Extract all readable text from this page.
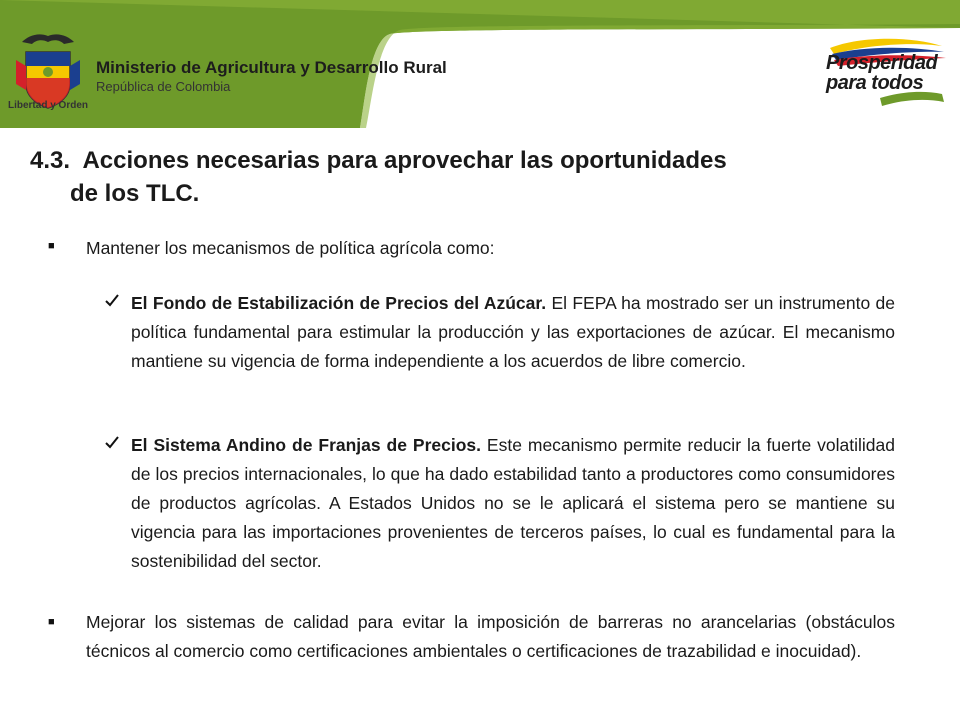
Libertad y Orden
Ministerio de Agricultura y Desarrollo Rural
República de Colombia
Prosperidad
para todos
4.3.  Acciones necesarias para aprovechar las oportunidades
de los TLC.
■ Mantener los mecanismos de política agrícola como:
El Fondo de Estabilización de Precios del Azúcar. El FEPA ha mostrado ser un instrumento de política fundamental para estimular la producción y las exportaciones de azúcar. El mecanismo mantiene su vigencia de forma independiente a los acuerdos de libre comercio.
El Sistema Andino de Franjas de Precios. Este mecanismo permite reducir la fuerte volatilidad de los precios internacionales, lo que ha dado estabilidad tanto a productores como consumidores de productos agrícolas. A Estados Unidos no se le aplicará el sistema pero se mantiene su vigencia para las importaciones provenientes de terceros países, lo cual es fundamental para la sostenibilidad del sector.
■ Mejorar los sistemas de calidad para evitar la imposición de barreras no arancelarias (obstáculos técnicos al comercio como certificaciones ambientales o certificaciones de trazabilidad e inocuidad).
